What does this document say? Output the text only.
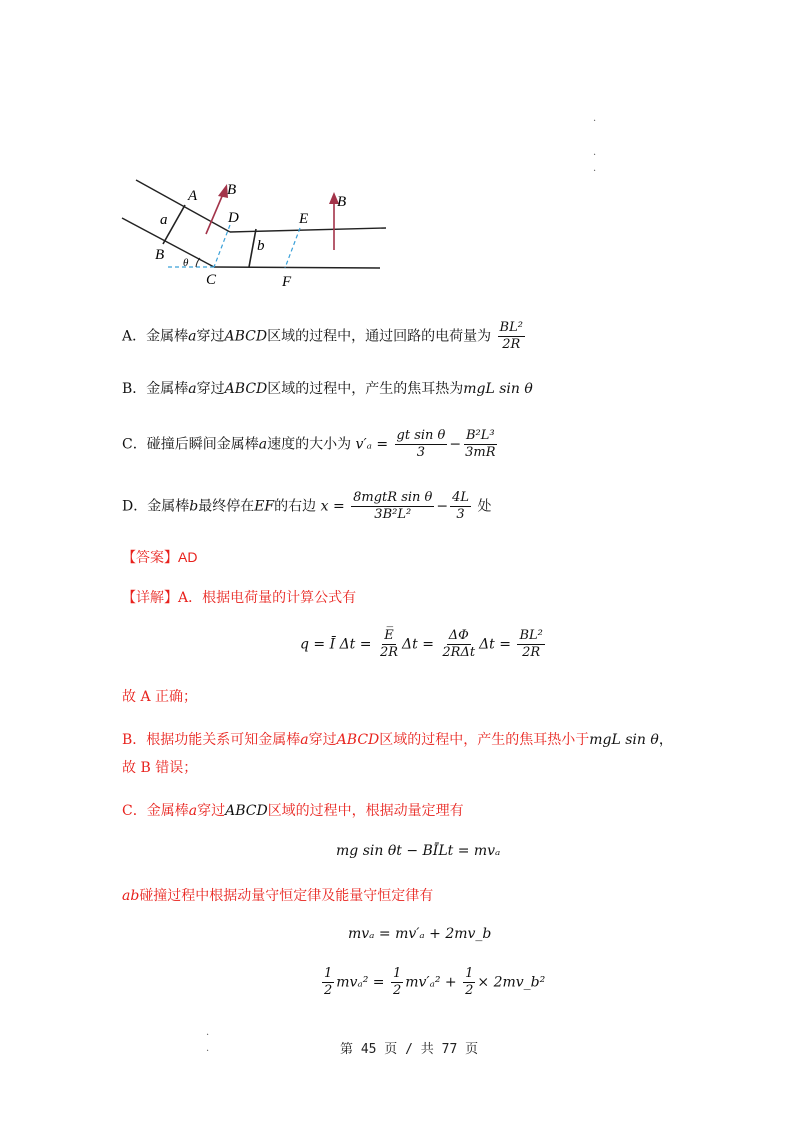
·
·
·
A B
a	D	E
B
b
B θ
C	F
A．金属棒a穿过ABCD区域的过程中，通过回路的电荷量为 $\frac{\text{BL²}}{2R}$
B．金属棒a穿过ABCD区域的过程中，产生的焦耳热为mgL sin θ
C．碰撞后瞬间金属棒a速度的大小为 $v'_a = \frac{\text{gt sin θ}}{3} - \frac{\text{B²L³}}{3mR}$
D．金属棒b最终停在EF的右边 $x = \frac{\text{8mgtR sin θ}}{\text{3B²L²}} - \frac{4L}{3}$ 处
【答案】AD
【详解】A．根据电荷量的计算公式有
q = Ī $\Delta t = \frac{E̅}{2R}$ $\Delta t = \frac{\Delta\Phi}{\text{2RΔt}}$ $\Delta t = \frac{\text{BL²}}{2R}$
故 A 正确；
B．根据功能关系可知金属棒a穿过ABCD区域的过程中，产生的焦耳热小于mgL sin θ，
故 B 错误；
C．金属棒a穿过ABCD区域的过程中，根据动量定理有
mg sin θt − BĪLt = mvₐ
ab碰撞过程中根据动量守恒定律及能量守恒定律有
mvₐ = mv′ₐ + 2mv_b
$\frac{1}{2} mv_a^2 = \frac{1}{2} mv'_a^2 + \frac{1}{2}$ × 2mv_b²
·
·	第 45 页 / 共 77 页
